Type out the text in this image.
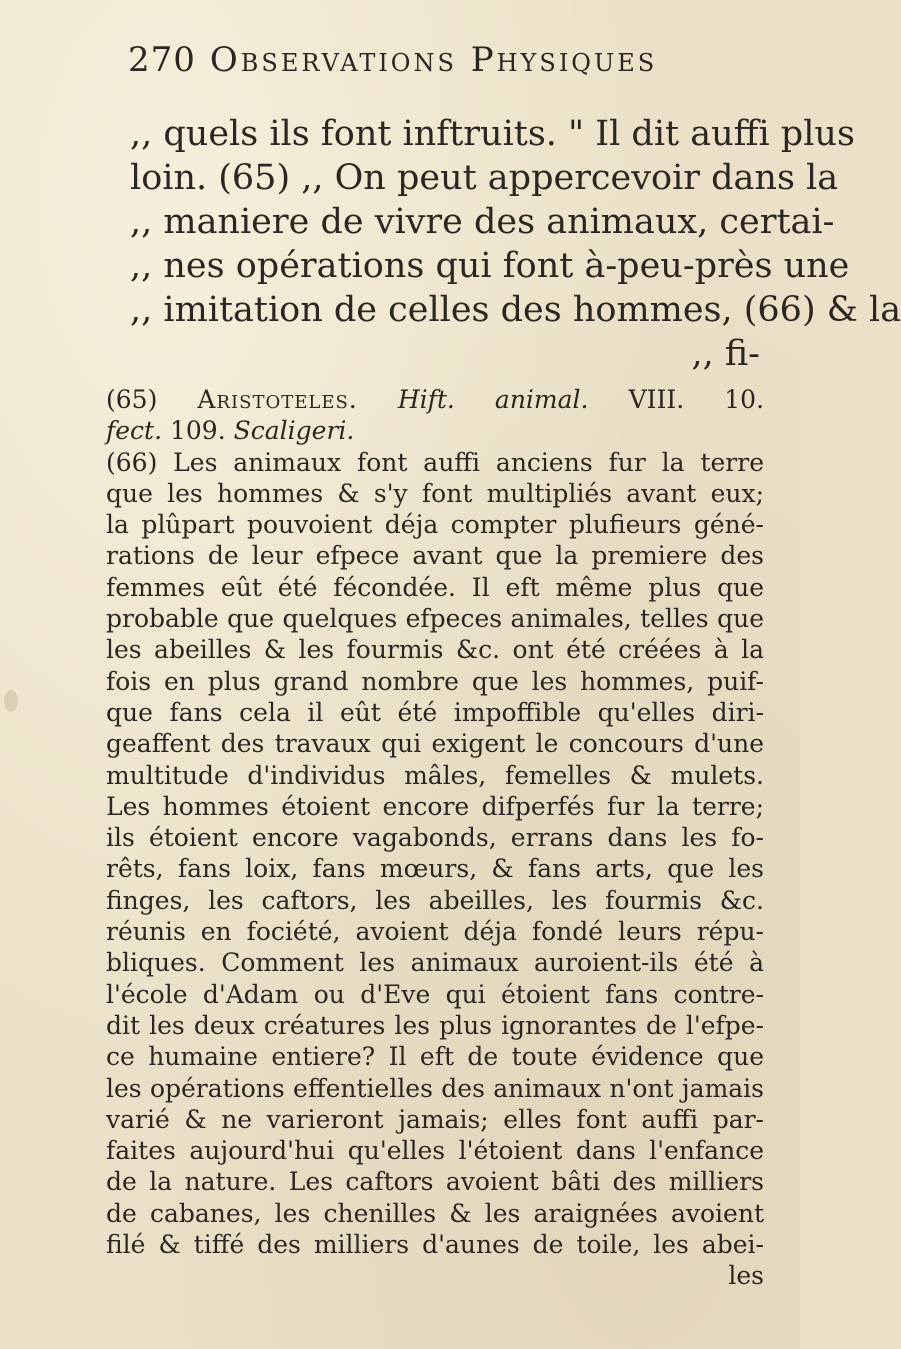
270 Observations Physiques
,, quels ils font inftruits. " Il dit auffi plus
loin. (65) ,, On peut appercevoir dans la
,, maniere de vivre des animaux, certai-
,, nes opérations qui font à-peu-près une
,, imitation de celles des hommes, (66) & la
,, fi-
(65) Aristoteles. Hift. animal. VIII. 10.
fect. 109. Scaligeri.
(66) Les animaux font auffi anciens fur la terre
que les hommes & s'y font multipliés avant eux;
la plûpart pouvoient déja compter plufieurs géné-
rations de leur efpece avant que la premiere des
femmes eût été fécondée. Il eft même plus que
probable que quelques efpeces animales, telles que
les abeilles & les fourmis &c. ont été créées à la
fois en plus grand nombre que les hommes, puif-
que fans cela il eût été impoffible qu'elles diri-
geaffent des travaux qui exigent le concours d'une
multitude d'individus mâles, femelles & mulets.
Les hommes étoient encore difperfés fur la terre;
ils étoient encore vagabonds, errans dans les fo-
rêts, fans loix, fans mœurs, & fans arts, que les
finges, les caftors, les abeilles, les fourmis &c.
réunis en fociété, avoient déja fondé leurs répu-
bliques. Comment les animaux auroient-ils été à
l'école d'Adam ou d'Eve qui étoient fans contre-
dit les deux créatures les plus ignorantes de l'efpe-
ce humaine entiere? Il eft de toute évidence que
les opérations effentielles des animaux n'ont jamais
varié & ne varieront jamais; elles font auffi par-
faites aujourd'hui qu'elles l'étoient dans l'enfance
de la nature. Les caftors avoient bâti des milliers
de cabanes, les chenilles & les araignées avoient
filé & tiffé des milliers d'aunes de toile, les abei-
les
